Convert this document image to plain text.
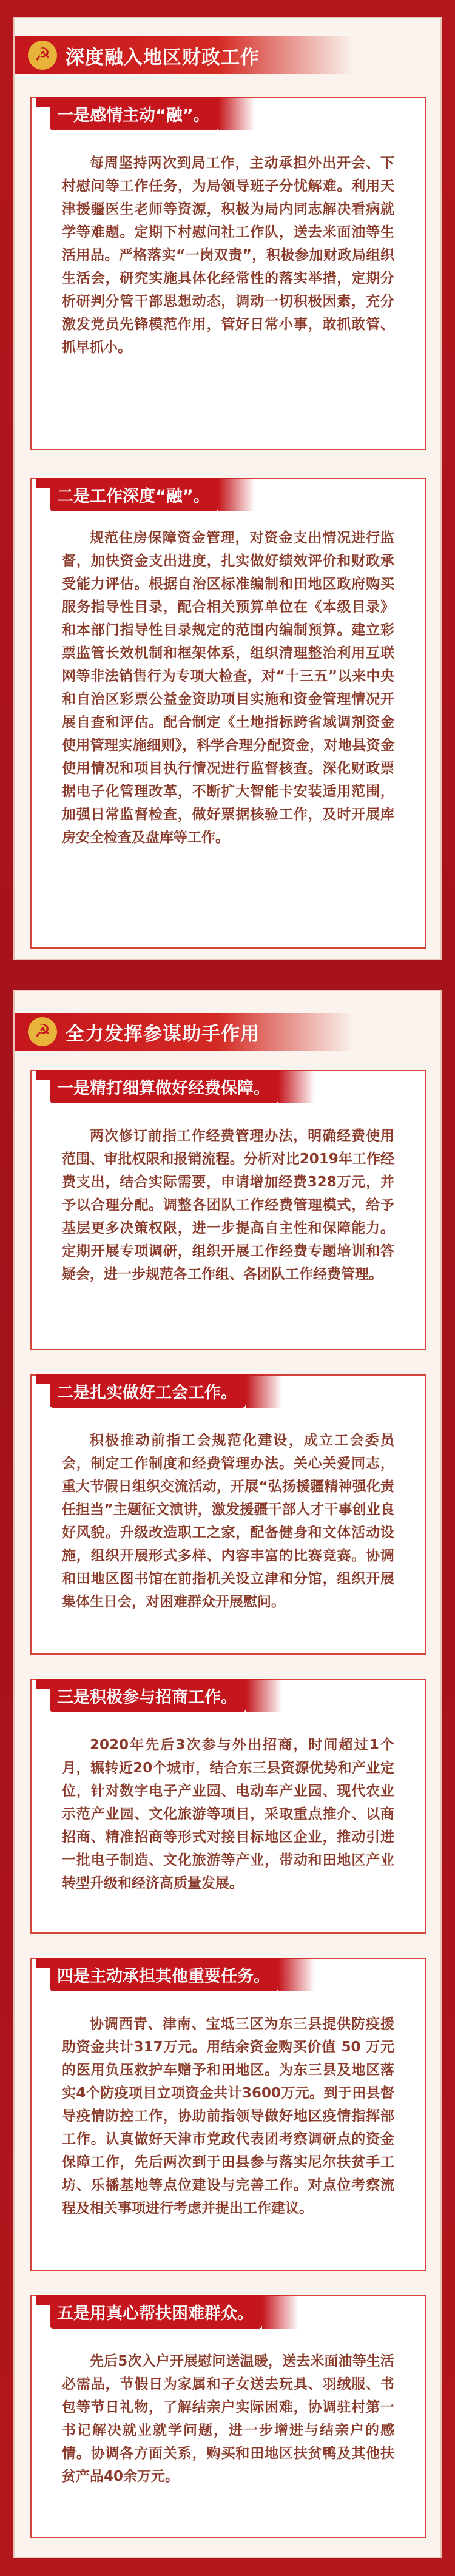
☭ 深度融入地区财政工作
一是感情主动“融”。
每周坚持两次到局工作，主动承担外出开会、下村慰问等工作任务，为局领导班子分忧解难。利用天津援疆医生老师等资源，积极为局内同志解决看病就学等难题。定期下村慰问社工作队，送去米面油等生活用品。严格落实“一岗双责”，积极参加财政局组织生活会，研究实施具体化经常性的落实举措，定期分析研判分管干部思想动态，调动一切积极因素，充分激发党员先锋模范作用，管好日常小事，敢抓敢管、抓早抓小。
二是工作深度“融”。
规范住房保障资金管理，对资金支出情况进行监督，加快资金支出进度，扎实做好绩效评价和财政承受能力评估。根据自治区标准编制和田地区政府购买服务指导性目录，配合相关预算单位在《本级目录》和本部门指导性目录规定的范围内编制预算。建立彩票监管长效机制和框架体系，组织清理整治利用互联网等非法销售行为专项大检查，对“十三五”以来中央和自治区彩票公益金资助项目实施和资金管理情况开展自查和评估。配合制定《土地指标跨省域调剂资金使用管理实施细则》，科学合理分配资金，对地县资金使用情况和项目执行情况进行监督核查。深化财政票据电子化管理改革，不断扩大智能卡安装适用范围，加强日常监督检查，做好票据核验工作，及时开展库房安全检查及盘库等工作。
☭ 全力发挥参谋助手作用
一是精打细算做好经费保障。
两次修订前指工作经费管理办法，明确经费使用范围、审批权限和报销流程。分析对比2019年工作经费支出，结合实际需要，申请增加经费328万元，并予以合理分配。调整各团队工作经费管理模式，给予基层更多决策权限，进一步提高自主性和保障能力。定期开展专项调研，组织开展工作经费专题培训和答疑会，进一步规范各工作组、各团队工作经费管理。
二是扎实做好工会工作。
积极推动前指工会规范化建设，成立工会委员会，制定工作制度和经费管理办法。关心关爱同志，重大节假日组织交流活动，开展“弘扬援疆精神强化责任担当”主题征文演讲，激发援疆干部人才干事创业良好风貌。升级改造职工之家，配备健身和文体活动设施，组织开展形式多样、内容丰富的比赛竞赛。协调和田地区图书馆在前指机关设立津和分馆，组织开展集体生日会，对困难群众开展慰问。
三是积极参与招商工作。
2020年先后3次参与外出招商，时间超过1个月，辗转近20个城市，结合东三县资源优势和产业定位，针对数字电子产业园、电动车产业园、现代农业示范产业园、文化旅游等项目，采取重点推介、以商招商、精准招商等形式对接目标地区企业，推动引进一批电子制造、文化旅游等产业，带动和田地区产业转型升级和经济高质量发展。
四是主动承担其他重要任务。
协调西青、津南、宝坻三区为东三县提供防疫援助资金共计317万元。用结余资金购买价值 50 万元的医用负压救护车赠予和田地区。为东三县及地区落实4个防疫项目立项资金共计3600万元。到于田县督导疫情防控工作，协助前指领导做好地区疫情指挥部工作。认真做好天津市党政代表团考察调研点的资金保障工作，先后两次到于田县参与落实尼尔扶贫手工坊、乐播基地等点位建设与完善工作。对点位考察流程及相关事项进行考虑并提出工作建议。
五是用真心帮扶困难群众。
先后5次入户开展慰问送温暖，送去米面油等生活必需品，节假日为家属和子女送去玩具、羽绒服、书包等节日礼物，了解结亲户实际困难，协调驻村第一书记解决就业就学问题，进一步增进与结亲户的感情。协调各方面关系，购买和田地区扶贫鸭及其他扶贫产品40余万元。
